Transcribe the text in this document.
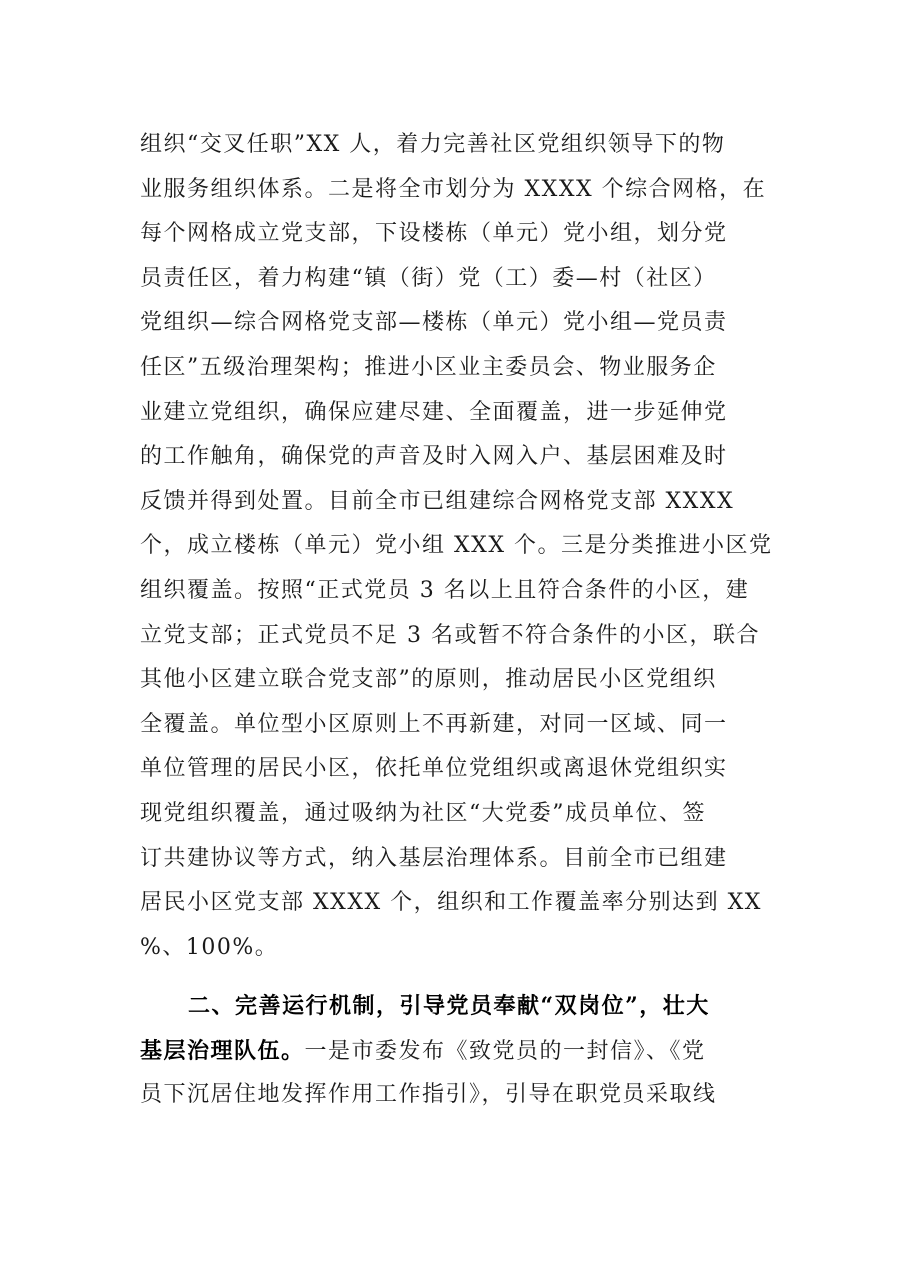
组织“交叉任职”XX 人，着力完善社区党组织领导下的物
业服务组织体系。二是将全市划分为 XXXX 个综合网格，在
每个网格成立党支部，下设楼栋（单元）党小组，划分党
员责任区，着力构建“镇（街）党（工）委—村（社区）
党组织—综合网格党支部—楼栋（单元）党小组—党员责
任区”五级治理架构；推进小区业主委员会、物业服务企
业建立党组织，确保应建尽建、全面覆盖，进一步延伸党
的工作触角，确保党的声音及时入网入户、基层困难及时
反馈并得到处置。目前全市已组建综合网格党支部 XXXX
个，成立楼栋（单元）党小组 XXX 个。三是分类推进小区党
组织覆盖。按照“正式党员 3 名以上且符合条件的小区，建
立党支部；正式党员不足 3 名或暂不符合条件的小区，联合
其他小区建立联合党支部”的原则，推动居民小区党组织
全覆盖。单位型小区原则上不再新建，对同一区域、同一
单位管理的居民小区，依托单位党组织或离退休党组织实
现党组织覆盖，通过吸纳为社区“大党委”成员单位、签
订共建协议等方式，纳入基层治理体系。目前全市已组建
居民小区党支部 XXXX 个，组织和工作覆盖率分别达到 XX
%、100%。
二、完善运行机制，引导党员奉献“双岗位”，壮大
基层治理队伍。一是市委发布《致党员的一封信》、《党
员下沉居住地发挥作用工作指引》，引导在职党员采取线
